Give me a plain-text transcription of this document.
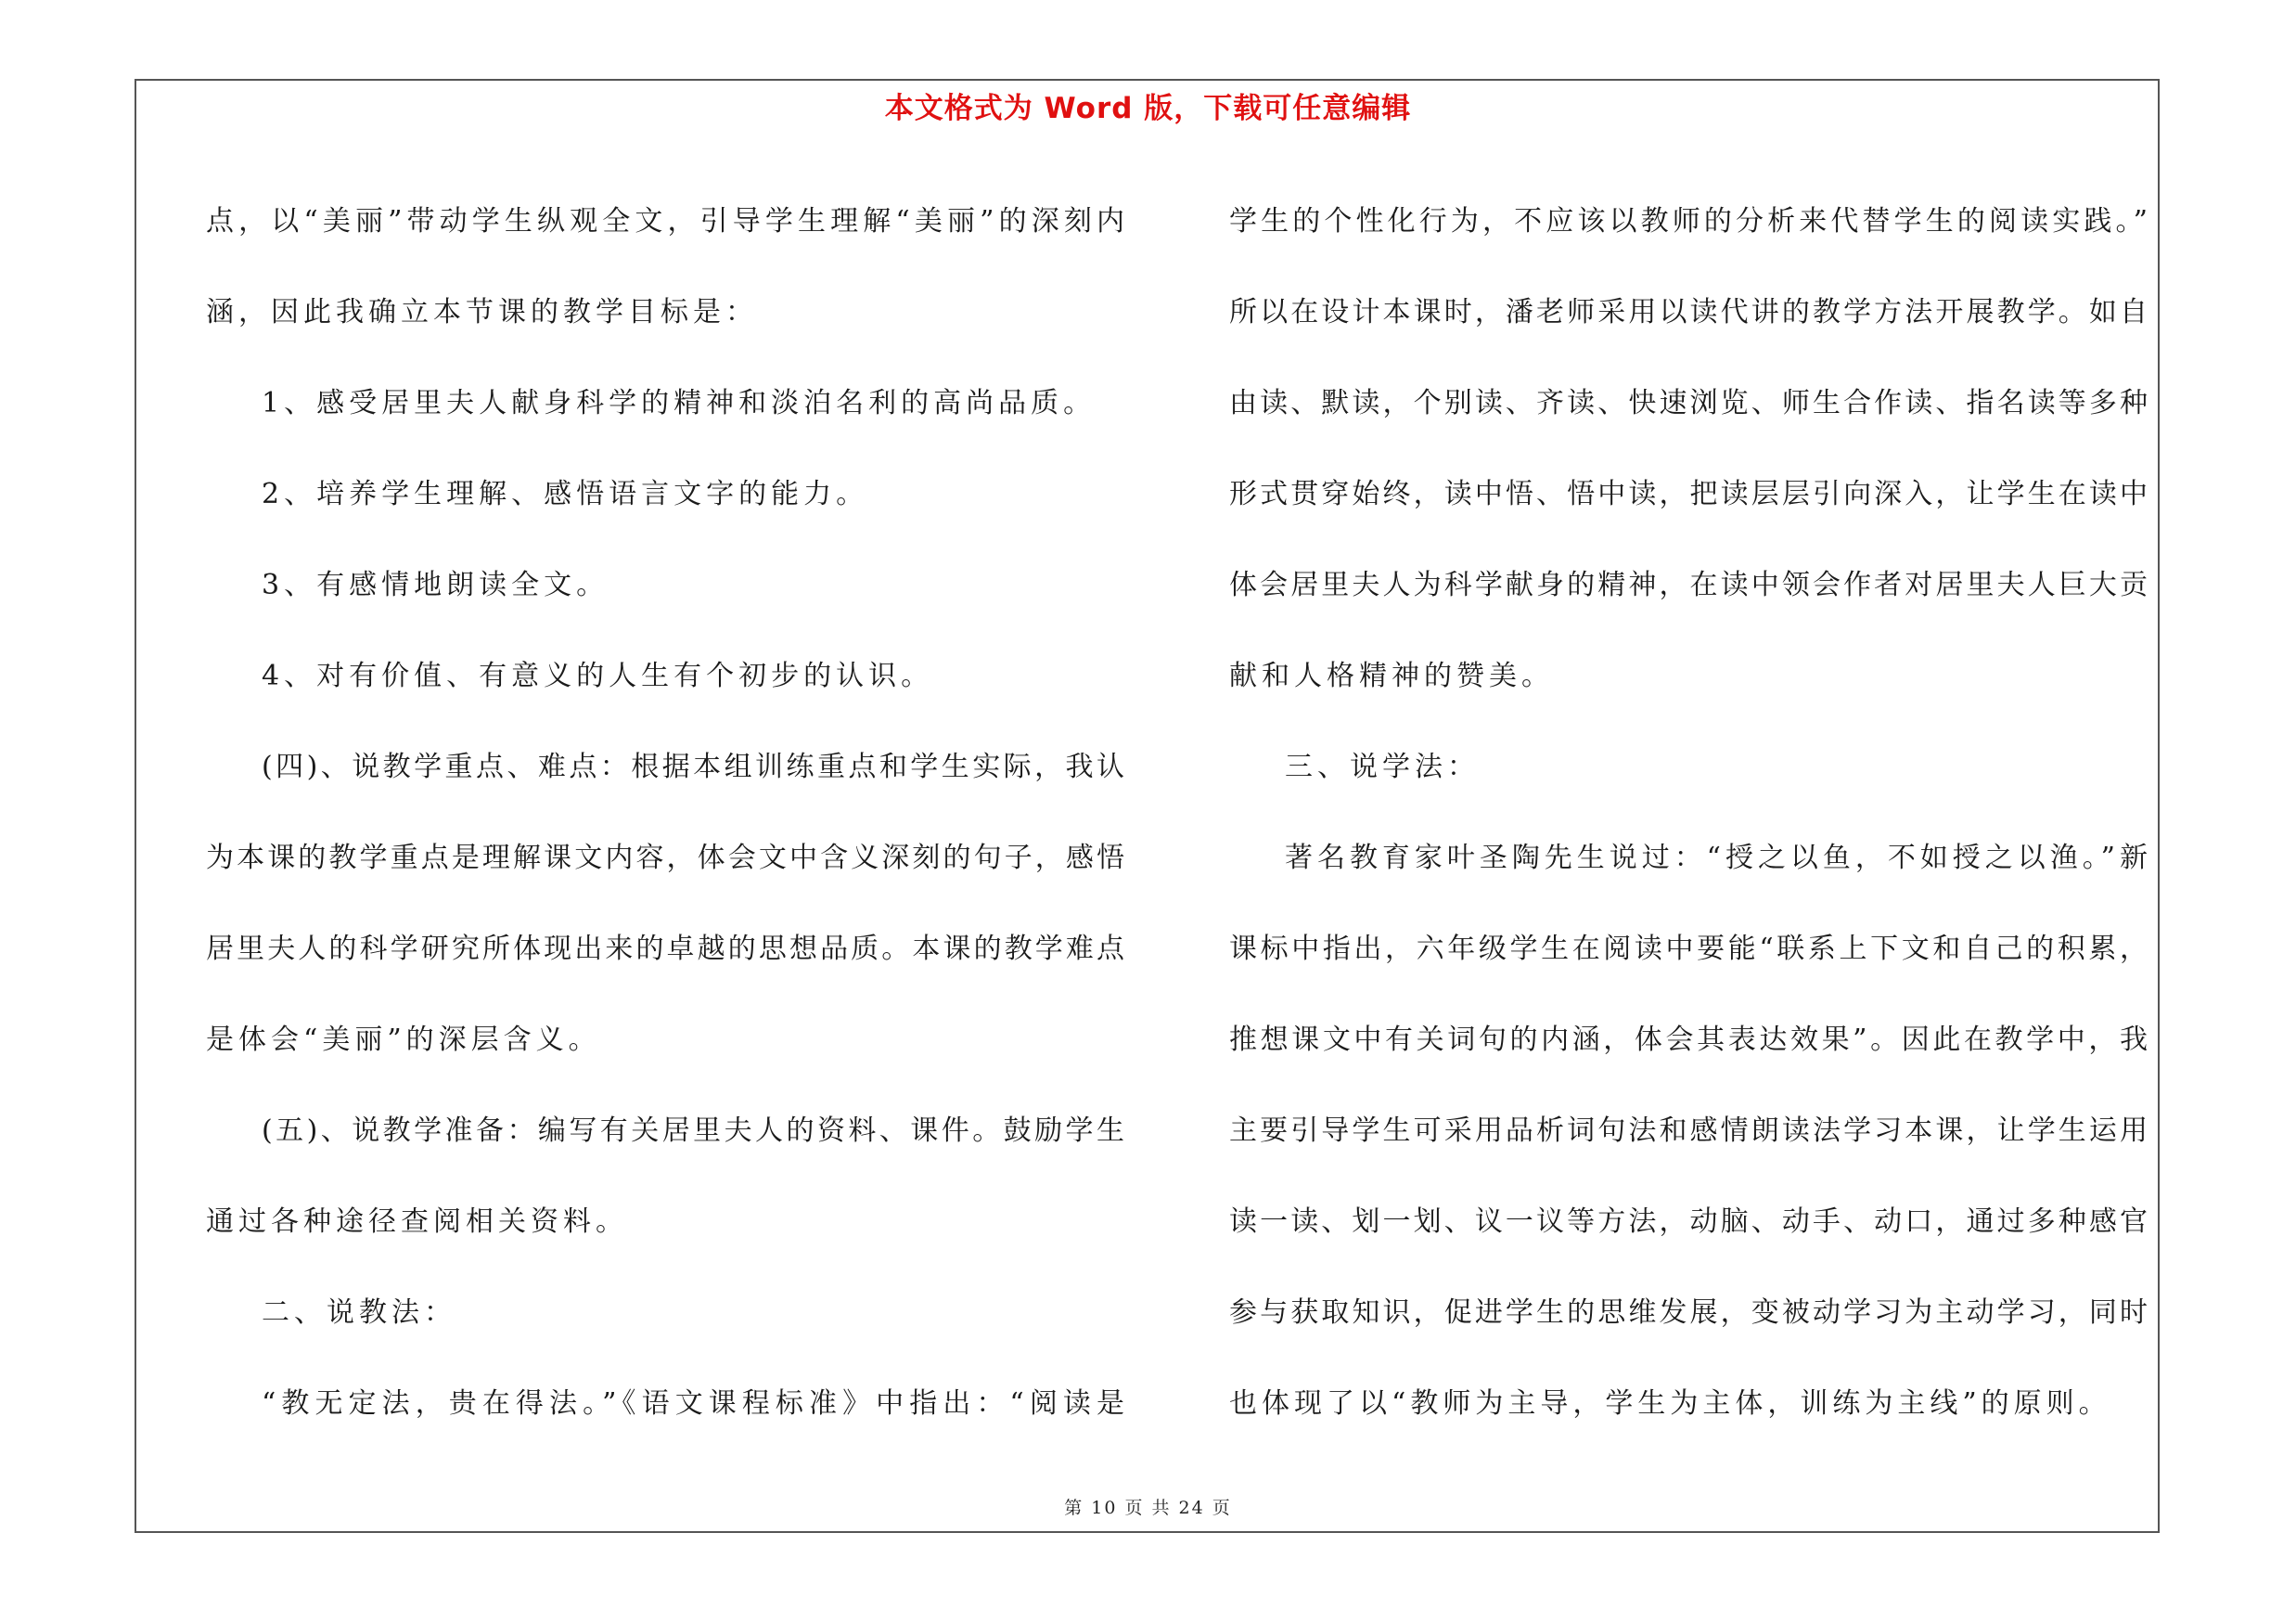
本文格式为 Word 版，下载可任意编辑
点，以“美丽”带动学生纵观全文，引导学生理解“美丽”的深刻内
涵，因此我确立本节课的教学目标是：
1、感受居里夫人献身科学的精神和淡泊名利的高尚品质。
2、培养学生理解、感悟语言文字的能力。
3、有感情地朗读全文。
4、对有价值、有意义的人生有个初步的认识。
(四)、说教学重点、难点：根据本组训练重点和学生实际，我认
为本课的教学重点是理解课文内容，体会文中含义深刻的句子，感悟
居里夫人的科学研究所体现出来的卓越的思想品质。本课的教学难点
是体会“美丽”的深层含义。
(五)、说教学准备：编写有关居里夫人的资料、课件。鼓励学生
通过各种途径查阅相关资料。
二、说教法：
“教无定法，贵在得法。”《语文课程标准》中指出：“阅读是
学生的个性化行为，不应该以教师的分析来代替学生的阅读实践。”
所以在设计本课时，潘老师采用以读代讲的教学方法开展教学。如自
由读、默读，个别读、齐读、快速浏览、师生合作读、指名读等多种
形式贯穿始终，读中悟、悟中读，把读层层引向深入，让学生在读中
体会居里夫人为科学献身的精神，在读中领会作者对居里夫人巨大贡
献和人格精神的赞美。
三、说学法：
著名教育家叶圣陶先生说过：“授之以鱼，不如授之以渔。”新
课标中指出，六年级学生在阅读中要能“联系上下文和自己的积累，
推想课文中有关词句的内涵，体会其表达效果”。因此在教学中，我
主要引导学生可采用品析词句法和感情朗读法学习本课，让学生运用
读一读、划一划、议一议等方法，动脑、动手、动口，通过多种感官
参与获取知识，促进学生的思维发展，变被动学习为主动学习，同时
也体现了以“教师为主导，学生为主体，训练为主线”的原则。
第 10 页 共 24 页
